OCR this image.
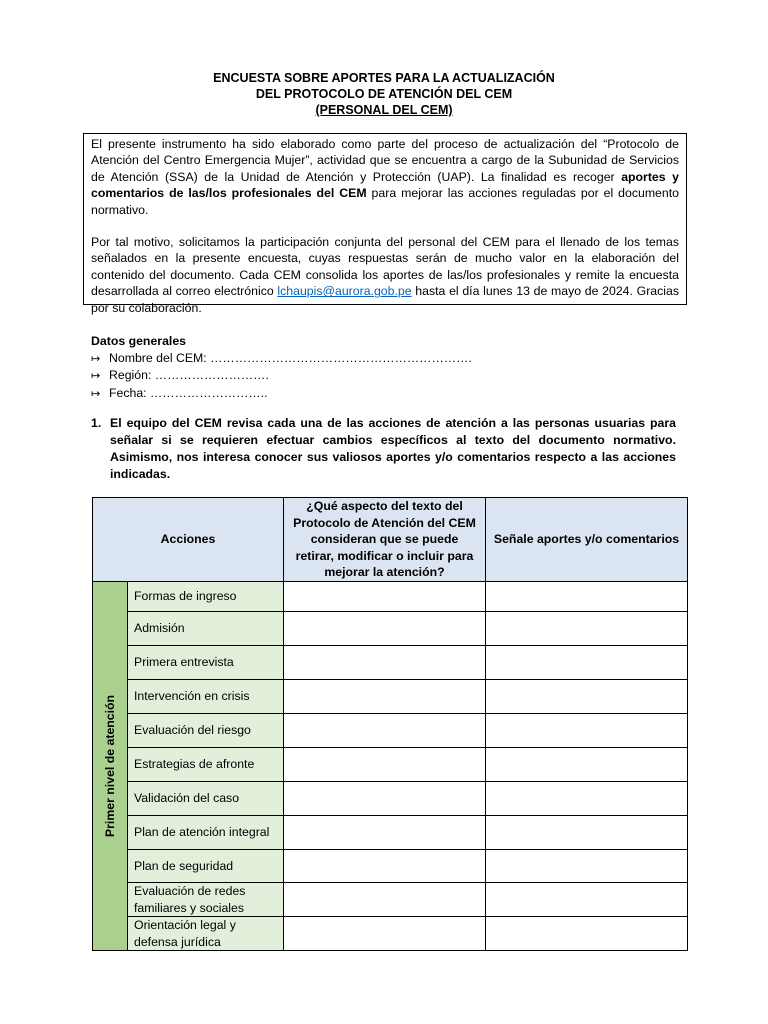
ENCUESTA SOBRE APORTES PARA LA ACTUALIZACIÓN
DEL PROTOCOLO DE ATENCIÓN DEL CEM
(PERSONAL DEL CEM)

El presente instrumento ha sido elaborado como parte del proceso de actualización del “Protocolo de Atención del Centro Emergencia Mujer”, actividad que se encuentra a cargo de la Subunidad de Servicios de Atención (SSA) de la Unidad de Atención y Protección (UAP). La finalidad es recoger aportes y comentarios de las/los profesionales del CEM para mejorar las acciones reguladas por el documento normativo.

Por tal motivo, solicitamos la participación conjunta del personal del CEM para el llenado de los temas señalados en la presente encuesta, cuyas respuestas serán de mucho valor en la elaboración del contenido del documento. Cada CEM consolida los aportes de las/los profesionales y remite la encuesta desarrollada al correo electrónico lchaupis@aurora.gob.pe hasta el día lunes 13 de mayo de 2024. Gracias por su colaboración.

Datos generales
↦ Nombre del CEM: ……………………………………………………….
↦ Región: ……………………….
↦ Fecha: ………………………..
1. El equipo del CEM revisa cada una de las acciones de atención a las personas usuarias para señalar si se requieren efectuar cambios específicos al texto del documento normativo. Asimismo, nos interesa conocer sus valiosos aportes y/o comentarios respecto a las acciones indicadas.
Acciones		¿Qué aspecto del texto del Protocolo de Atención del CEM consideran que se puede retirar, modificar o incluir para mejorar la atención?	Señale aportes y/o comentarios

Primer nivel de atención	Formas de ingreso		
	Admisión		
	Primera entrevista		
	Intervención en crisis		
	Evaluación del riesgo		
	Estrategias de afronte		
	Validación del caso		
	Plan de atención integral		
	Plan de seguridad		
	Evaluación de redes familiares y sociales		
	Orientación legal y defensa jurídica		
